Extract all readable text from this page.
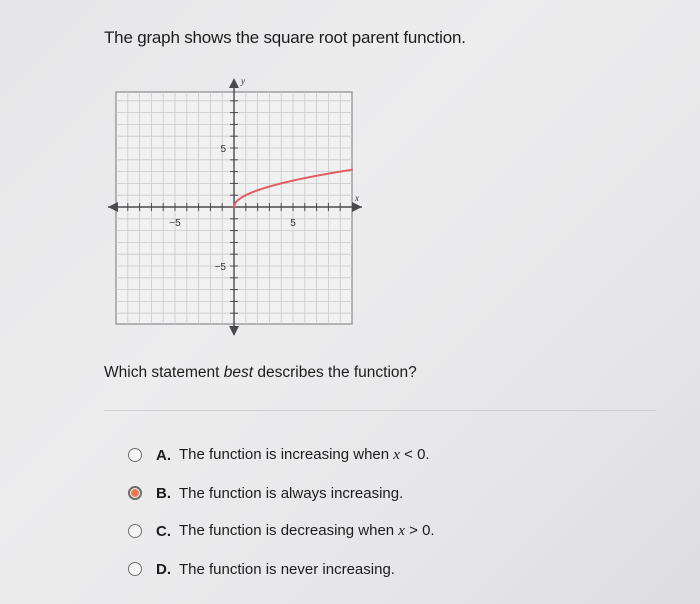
The graph shows the square root parent function.
−5	5
5
−5
x
y
Which statement best describes the function?
A. The function is increasing when x < 0.
B. The function is always increasing.
C. The function is decreasing when x > 0.
D. The function is never increasing.
